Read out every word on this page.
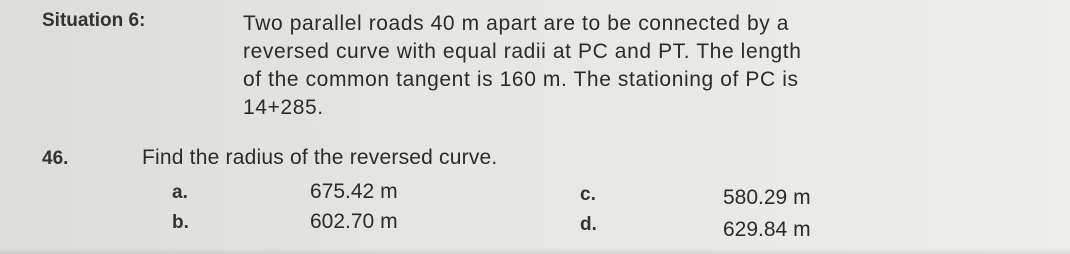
Situation 6:	Two parallel roads 40 m apart are to be connected by a
reversed curve with equal radii at PC and PT. The length
of the common tangent is 160 m. The stationing of PC is
14+285.
46.	Find the radius of the reversed curve.
a.	675.42 m
b.	602.70 m
c.	580.29 m
d.	629.84 m
